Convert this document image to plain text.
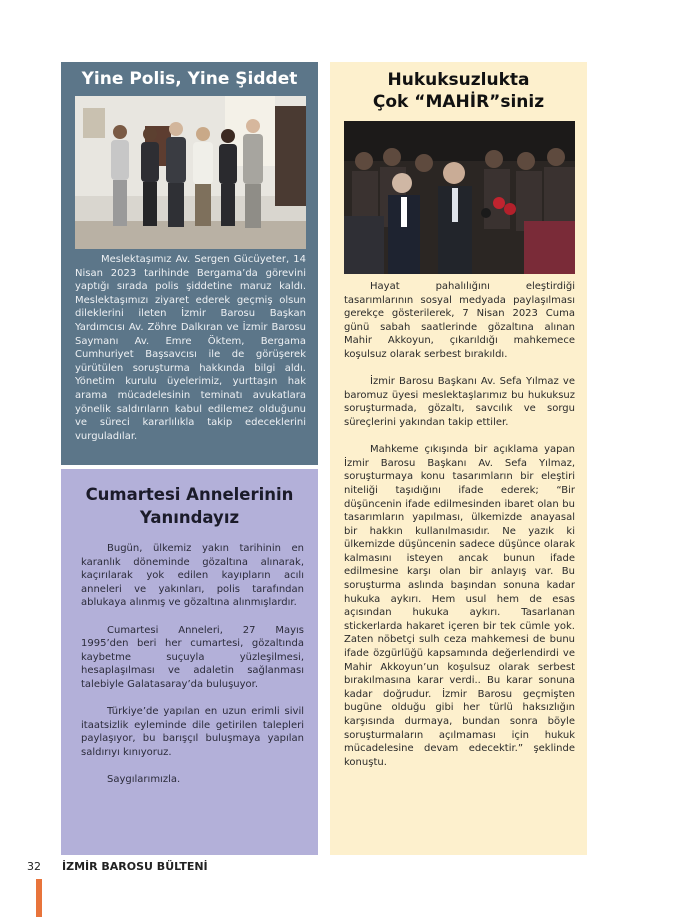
Yine Polis, Yine Şiddet

Meslektaşımız Av. Sergen Gücüyeter, 14 Nisan 2023 tarihinde Bergama’da görevini yaptığı sırada polis şiddetine maruz kaldı. Meslektaşımızı ziyaret ederek geçmiş olsun dileklerini ileten İzmir Barosu Başkan Yardımcısı Av. Zöhre Dalkıran ve İzmir Barosu Saymanı Av. Emre Öktem, Bergama Cumhuriyet Başsavcısı ile de görüşerek yürütülen soruşturma hakkında bilgi aldı. Yönetim kurulu üyelerimiz, yurttaşın hak arama mücadelesinin teminatı avukatlara yönelik saldırıların kabul edilemez olduğunu ve süreci kararlılıkla takip edeceklerini vurguladılar.

Cumartesi Annelerinin Yanındayız

Bugün, ülkemiz yakın tarihinin en karanlık döneminde gözaltına alınarak, kaçırılarak yok edilen kayıpların acılı anneleri ve yakınları, polis tarafından ablukaya alınmış ve gözaltına alınmışlardır.

Cumartesi Anneleri, 27 Mayıs 1995’den beri her cumartesi, gözaltında kaybetme suçuyla yüzleşilmesi, hesaplaşılması ve adaletin sağlanması talebiyle Galatasaray’da buluşuyor.

Türkiye’de yapılan en uzun erimli sivil itaatsizlik eyleminde dile getirilen talepleri paylaşıyor, bu barışçıl buluşmaya yapılan saldırıyı kınıyoruz.

Saygılarımızla.

Hukuksuzlukta
Çok “MAHİR”siniz

Hayat pahalılığını eleştirdiği tasarımlarının sosyal medyada paylaşılması gerekçe gösterilerek, 7 Nisan 2023 Cuma günü sabah saatlerinde gözaltına alınan Mahir Akkoyun, çıkarıldığı mahkemece koşulsuz olarak serbest bırakıldı.

İzmir Barosu Başkanı Av. Sefa Yılmaz ve baromuz üyesi meslektaşlarımız bu hukuksuz soruşturmada, gözaltı, savcılık ve sorgu süreçlerini yakından takip ettiler.

Mahkeme çıkışında bir açıklama yapan İzmir Barosu Başkanı Av. Sefa Yılmaz, soruşturmaya konu tasarımların bir eleştiri niteliği taşıdığını ifade ederek; “Bir düşüncenin ifade edilmesinden ibaret olan bu tasarımların yapılması, ülkemizde anayasal bir hakkın kullanılmasıdır. Ne yazık ki ülkemizde düşüncenin sadece düşünce olarak kalmasını isteyen ancak bunun ifade edilmesine karşı olan bir anlayış var. Bu soruşturma aslında başından sonuna kadar hukuka aykırı. Hem usul hem de esas açısından hukuka aykırı. Tasarlanan stickerlarda hakaret içeren bir tek cümle yok. Zaten nöbetçi sulh ceza mahkemesi de bunu ifade özgürlüğü kapsamında değerlendirdi ve Mahir Akkoyun’un koşulsuz olarak serbest bırakılmasına karar verdi.. Bu karar sonuna kadar doğrudur. İzmir Barosu geçmişten bugüne olduğu gibi her türlü haksızlığın karşısında durmaya, bundan sonra böyle soruşturmaların açılmaması için hukuk mücadelesine devam edecektir.” şeklinde konuştu.

32 İZMİR BAROSU BÜLTENİ
